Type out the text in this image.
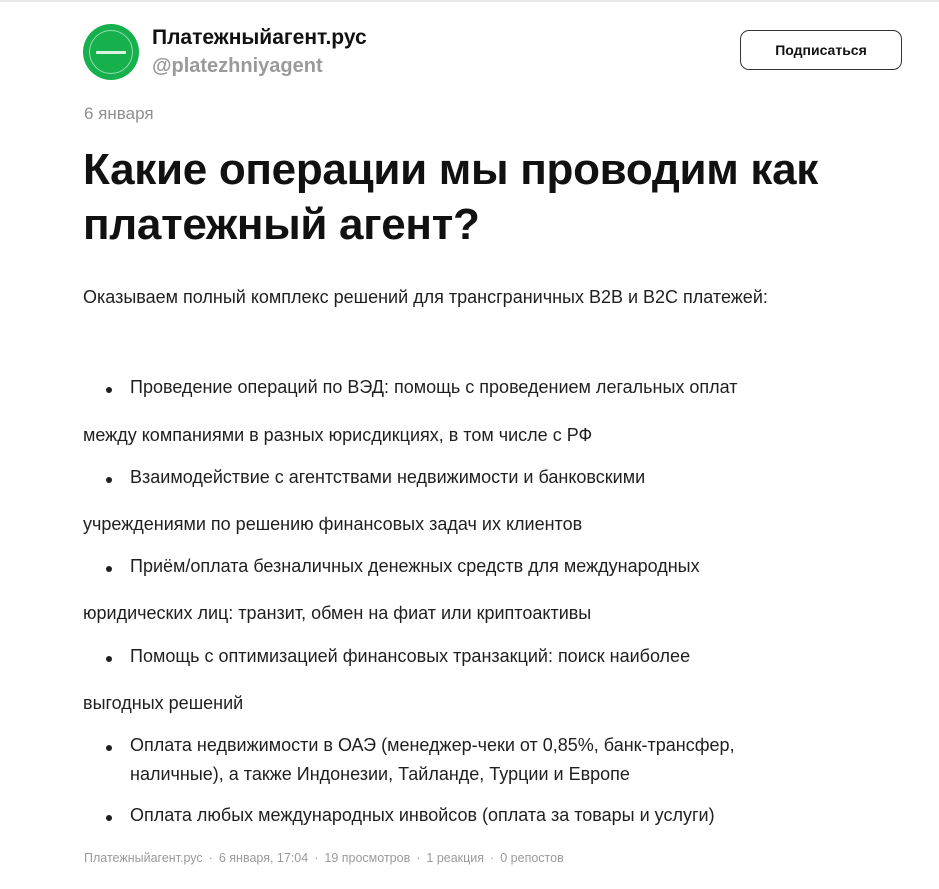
Платежныйагент.рус
@platezhniyagent
Подписаться
6 января
Какие операции мы проводим как платежный агент?
Оказываем полный комплекс решений для трансграничных B2B и B2C платежей:
Проведение операций по ВЭД: помощь с проведением легальных оплат
между компаниями в разных юрисдикциях, в том числе с РФ
Взаимодействие с агентствами недвижимости и банковскими
учреждениями по решению финансовых задач их клиентов
Приём/оплата безналичных денежных средств для международных
юридических лиц: транзит, обмен на фиат или криптоактивы
Помощь с оптимизацией финансовых транзакций: поиск наиболее
выгодных решений
Оплата недвижимости в ОАЭ (менеджер-чеки от 0,85%, банк-трансфер,
наличные), а также Индонезии, Тайланде, Турции и Европе
Оплата любых международных инвойсов (оплата за товары и услуги)
Платежныйагент.рус · 6 января, 17:04 · 19 просмотров · 1 реакция · 0 репостов
